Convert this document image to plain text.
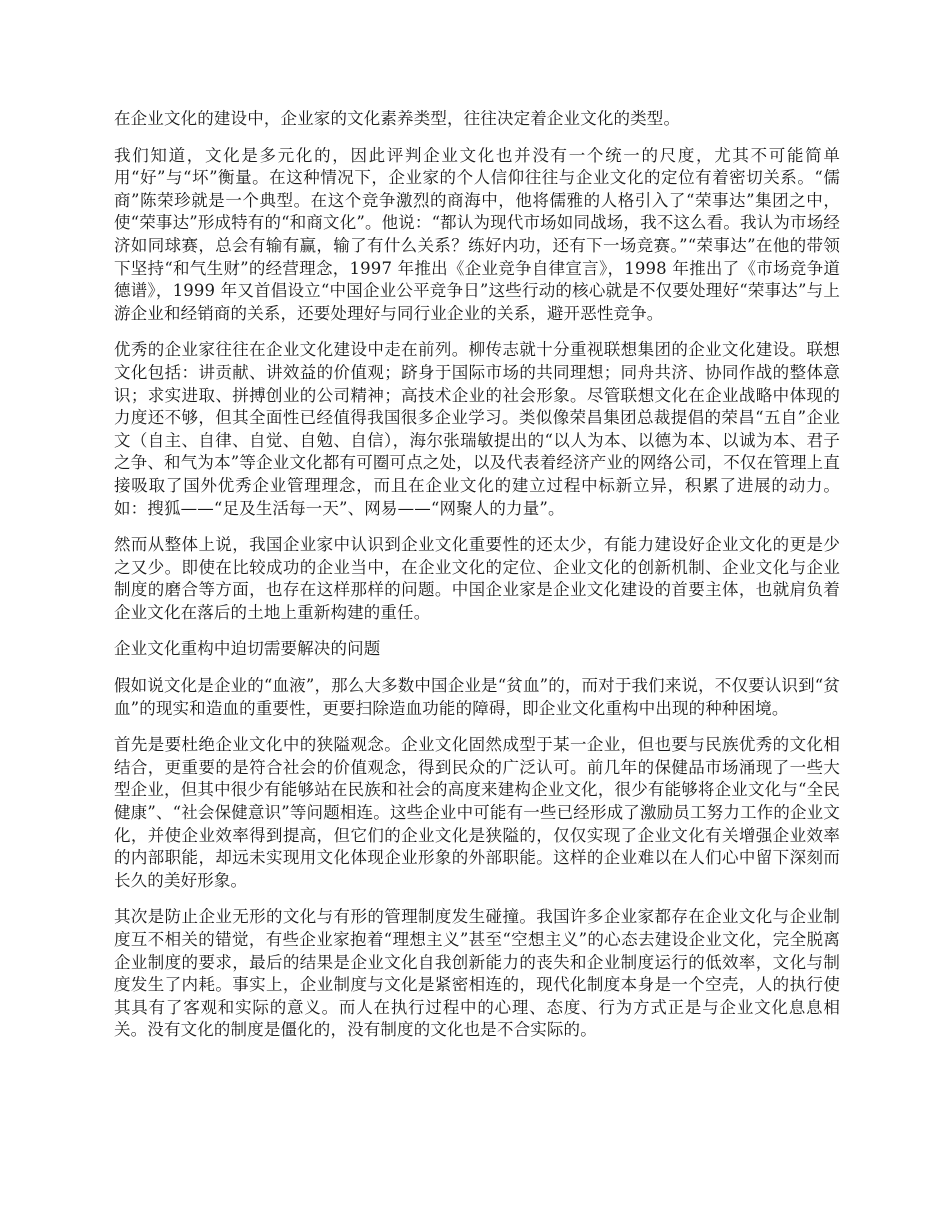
在企业文化的建设中，企业家的文化素养类型，往往决定着企业文化的类型。

我们知道，文化是多元化的，因此评判企业文化也并没有一个统一的尺度，尤其不可能简单用“好”与“坏”衡量。在这种情况下，企业家的个人信仰往往与企业文化的定位有着密切关系。“儒商”陈荣珍就是一个典型。在这个竞争激烈的商海中，他将儒雅的人格引入了“荣事达”集团之中，使“荣事达”形成特有的“和商文化”。他说：“都认为现代市场如同战场，我不这么看。我认为市场经济如同球赛，总会有输有赢，输了有什么关系？练好内功，还有下一场竞赛。”“荣事达”在他的带领下坚持“和气生财”的经营理念，1997 年推出《企业竞争自律宣言》，1998 年推出了《市场竞争道德谱》，1999 年又首倡设立“中国企业公平竞争日”这些行动的核心就是不仅要处理好“荣事达”与上游企业和经销商的关系，还要处理好与同行业企业的关系，避开恶性竞争。

优秀的企业家往往在企业文化建设中走在前列。柳传志就十分重视联想集团的企业文化建设。联想文化包括：讲贡献、讲效益的价值观；跻身于国际市场的共同理想；同舟共济、协同作战的整体意识；求实进取、拼搏创业的公司精神；高技术企业的社会形象。尽管联想文化在企业战略中体现的力度还不够，但其全面性已经值得我国很多企业学习。类似像荣昌集团总裁提倡的荣昌“五自”企业文（自主、自律、自觉、自勉、自信），海尔张瑞敏提出的“以人为本、以德为本、以诚为本、君子之争、和气为本”等企业文化都有可圈可点之处，以及代表着经济产业的网络公司，不仅在管理上直接吸取了国外优秀企业管理理念，而且在企业文化的建立过程中标新立异，积累了进展的动力。如：搜狐——“足及生活每一天”、网易——“网聚人的力量”。

然而从整体上说，我国企业家中认识到企业文化重要性的还太少，有能力建设好企业文化的更是少之又少。即使在比较成功的企业当中，在企业文化的定位、企业文化的创新机制、企业文化与企业制度的磨合等方面，也存在这样那样的问题。中国企业家是企业文化建设的首要主体，也就肩负着企业文化在落后的土地上重新构建的重任。

企业文化重构中迫切需要解决的问题

假如说文化是企业的“血液”，那么大多数中国企业是“贫血”的，而对于我们来说，不仅要认识到“贫血”的现实和造血的重要性，更要扫除造血功能的障碍，即企业文化重构中出现的种种困境。

首先是要杜绝企业文化中的狭隘观念。企业文化固然成型于某一企业，但也要与民族优秀的文化相结合，更重要的是符合社会的价值观念，得到民众的广泛认可。前几年的保健品市场涌现了一些大型企业，但其中很少有能够站在民族和社会的高度来建构企业文化，很少有能够将企业文化与“全民健康”、“社会保健意识”等问题相连。这些企业中可能有一些已经形成了激励员工努力工作的企业文化，并使企业效率得到提高，但它们的企业文化是狭隘的，仅仅实现了企业文化有关增强企业效率的内部职能，却远未实现用文化体现企业形象的外部职能。这样的企业难以在人们心中留下深刻而长久的美好形象。

其次是防止企业无形的文化与有形的管理制度发生碰撞。我国许多企业家都存在企业文化与企业制度互不相关的错觉，有些企业家抱着“理想主义”甚至“空想主义”的心态去建设企业文化，完全脱离企业制度的要求，最后的结果是企业文化自我创新能力的丧失和企业制度运行的低效率，文化与制度发生了内耗。事实上，企业制度与文化是紧密相连的，现代化制度本身是一个空壳，人的执行使其具有了客观和实际的意义。而人在执行过程中的心理、态度、行为方式正是与企业文化息息相关。没有文化的制度是僵化的，没有制度的文化也是不合实际的。
